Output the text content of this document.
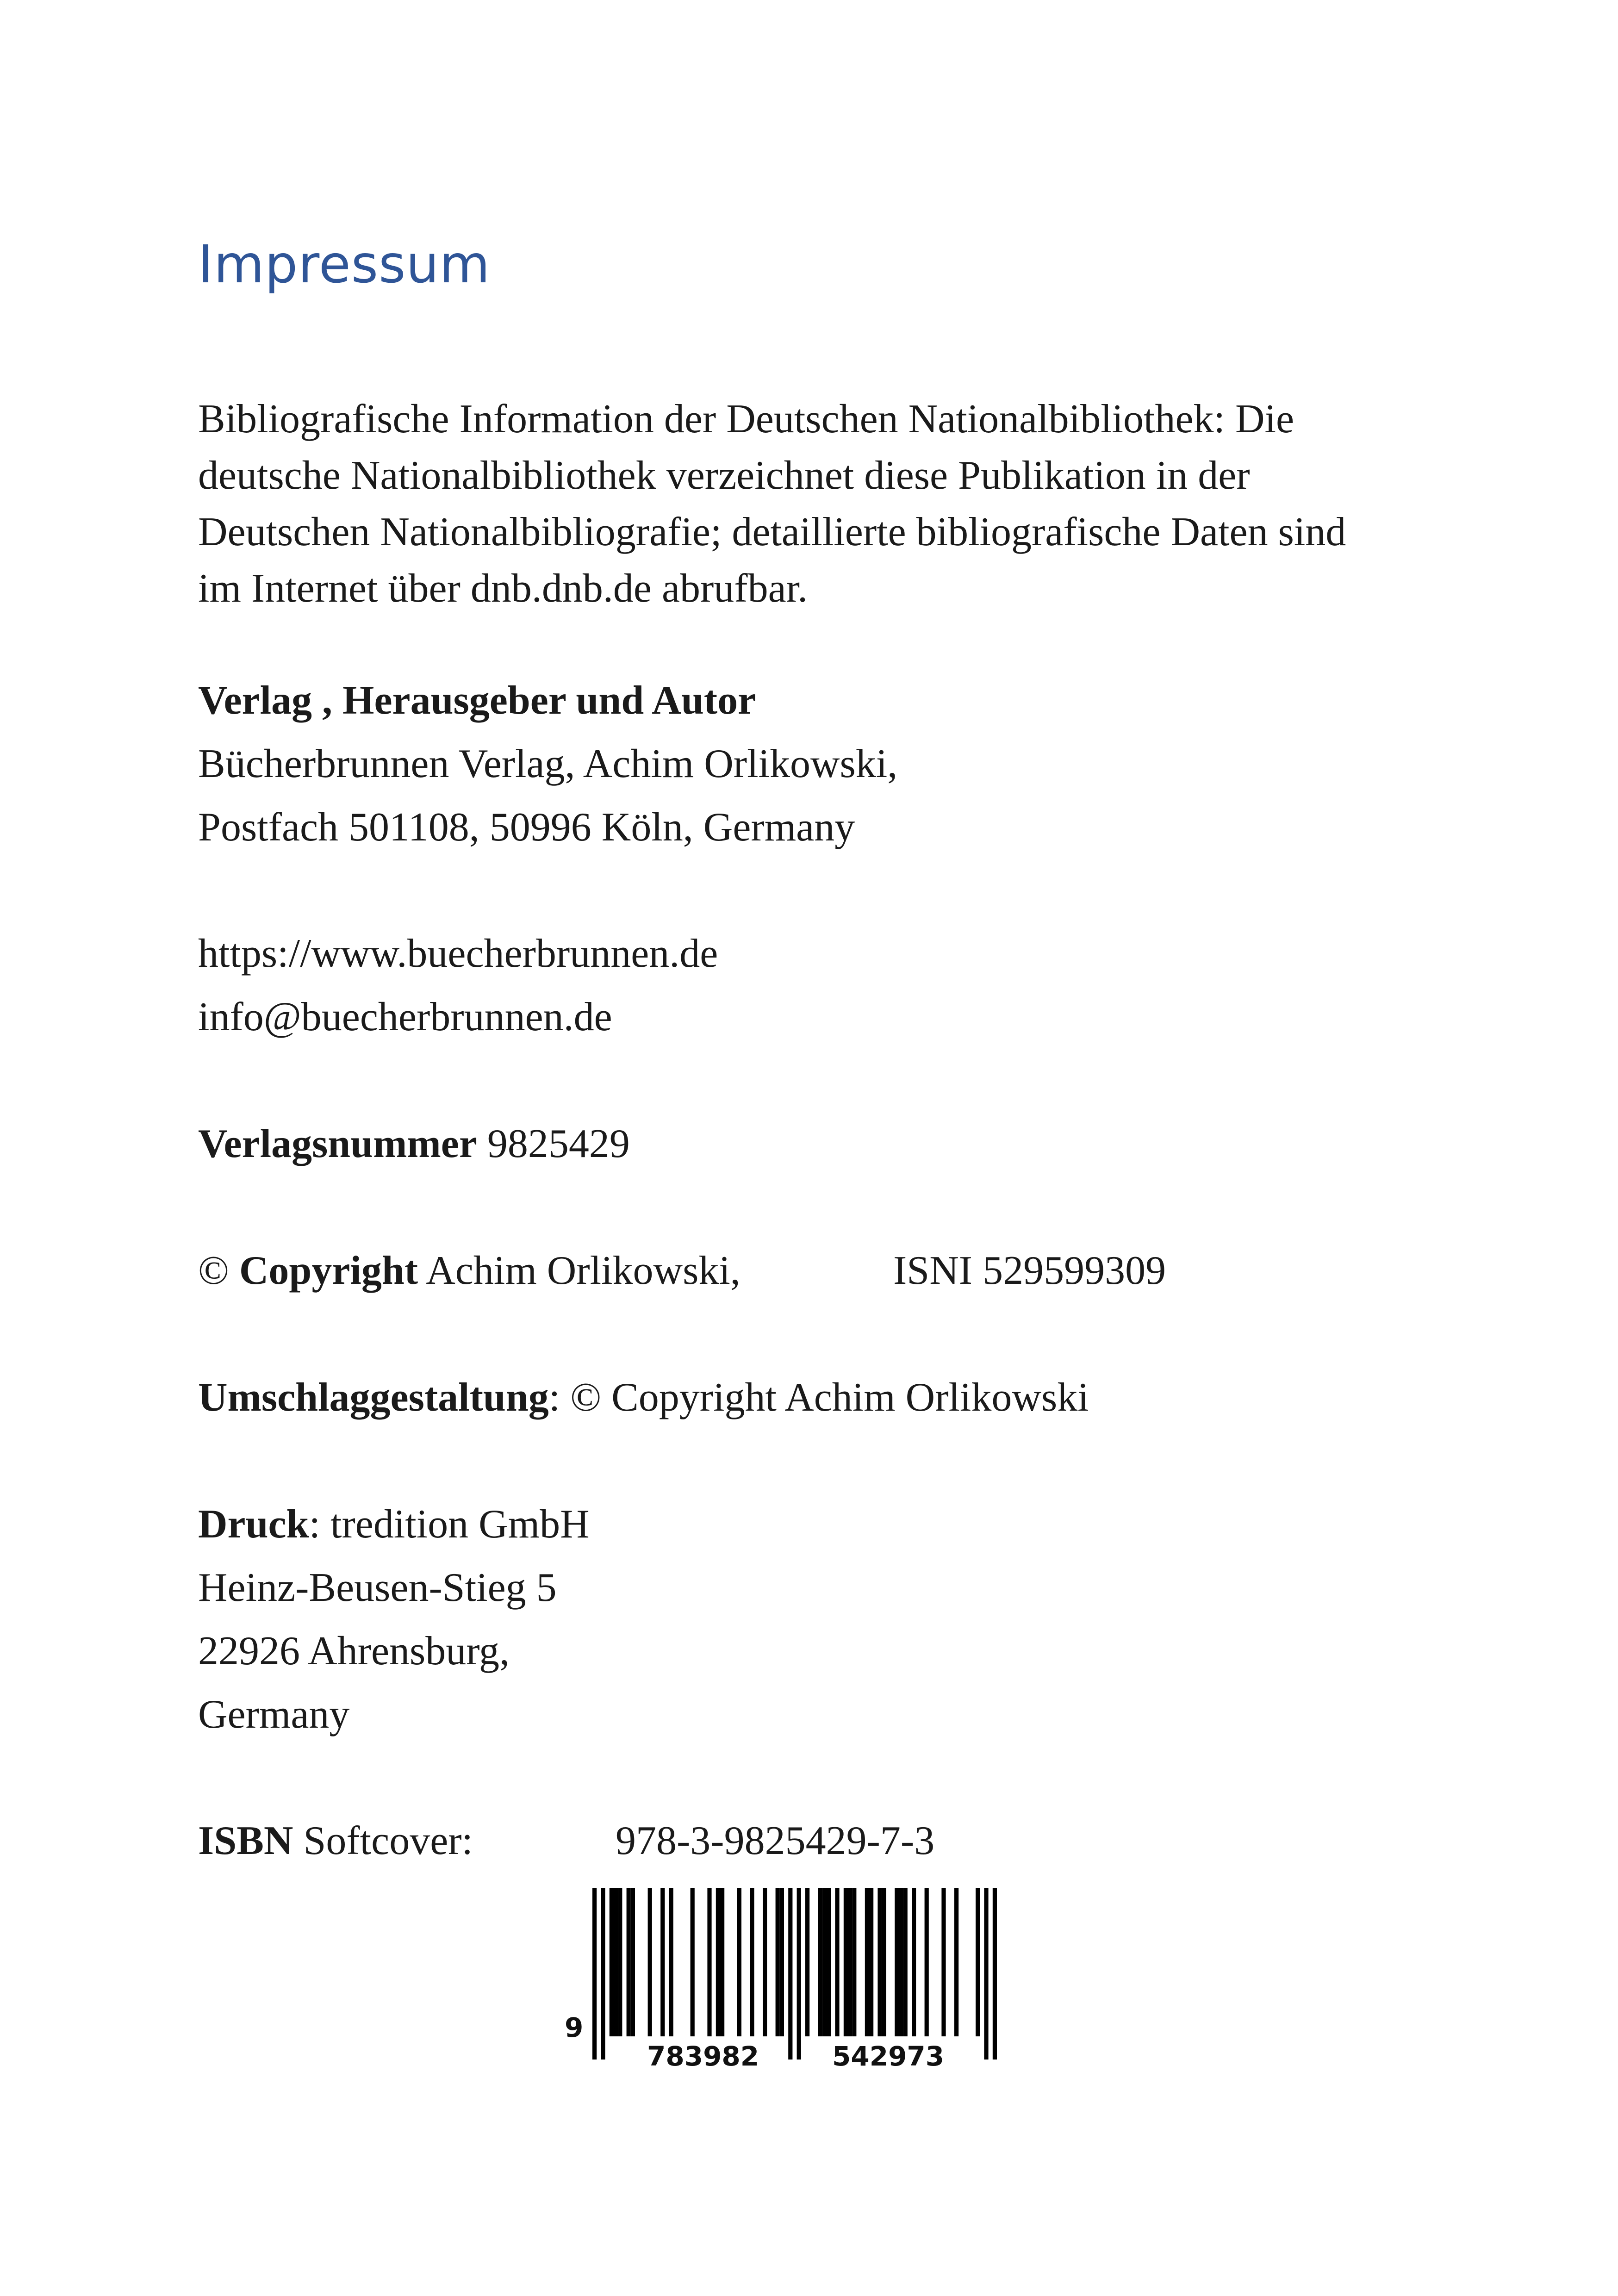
Impressum
Bibliografische Information der Deutschen Nationalbibliothek: Die
deutsche Nationalbibliothek verzeichnet diese Publikation in der
Deutschen Nationalbibliografie; detaillierte bibliografische Daten sind
im Internet über dnb.dnb.de abrufbar.
Verlag , Herausgeber und Autor
Bücherbrunnen Verlag, Achim Orlikowski,
Postfach 501108, 50996 Köln, Germany
https://www.buecherbrunnen.de
info@buecherbrunnen.de
Verlagsnummer 9825429
© Copyright Achim Orlikowski,	ISNI 529599309
Umschlaggestaltung: © Copyright Achim Orlikowski
Druck: tredition GmbH
Heinz-Beusen-Stieg 5
22926 Ahrensburg,
Germany
ISBN Softcover:	978-3-9825429-7-3
9
783982	542973
